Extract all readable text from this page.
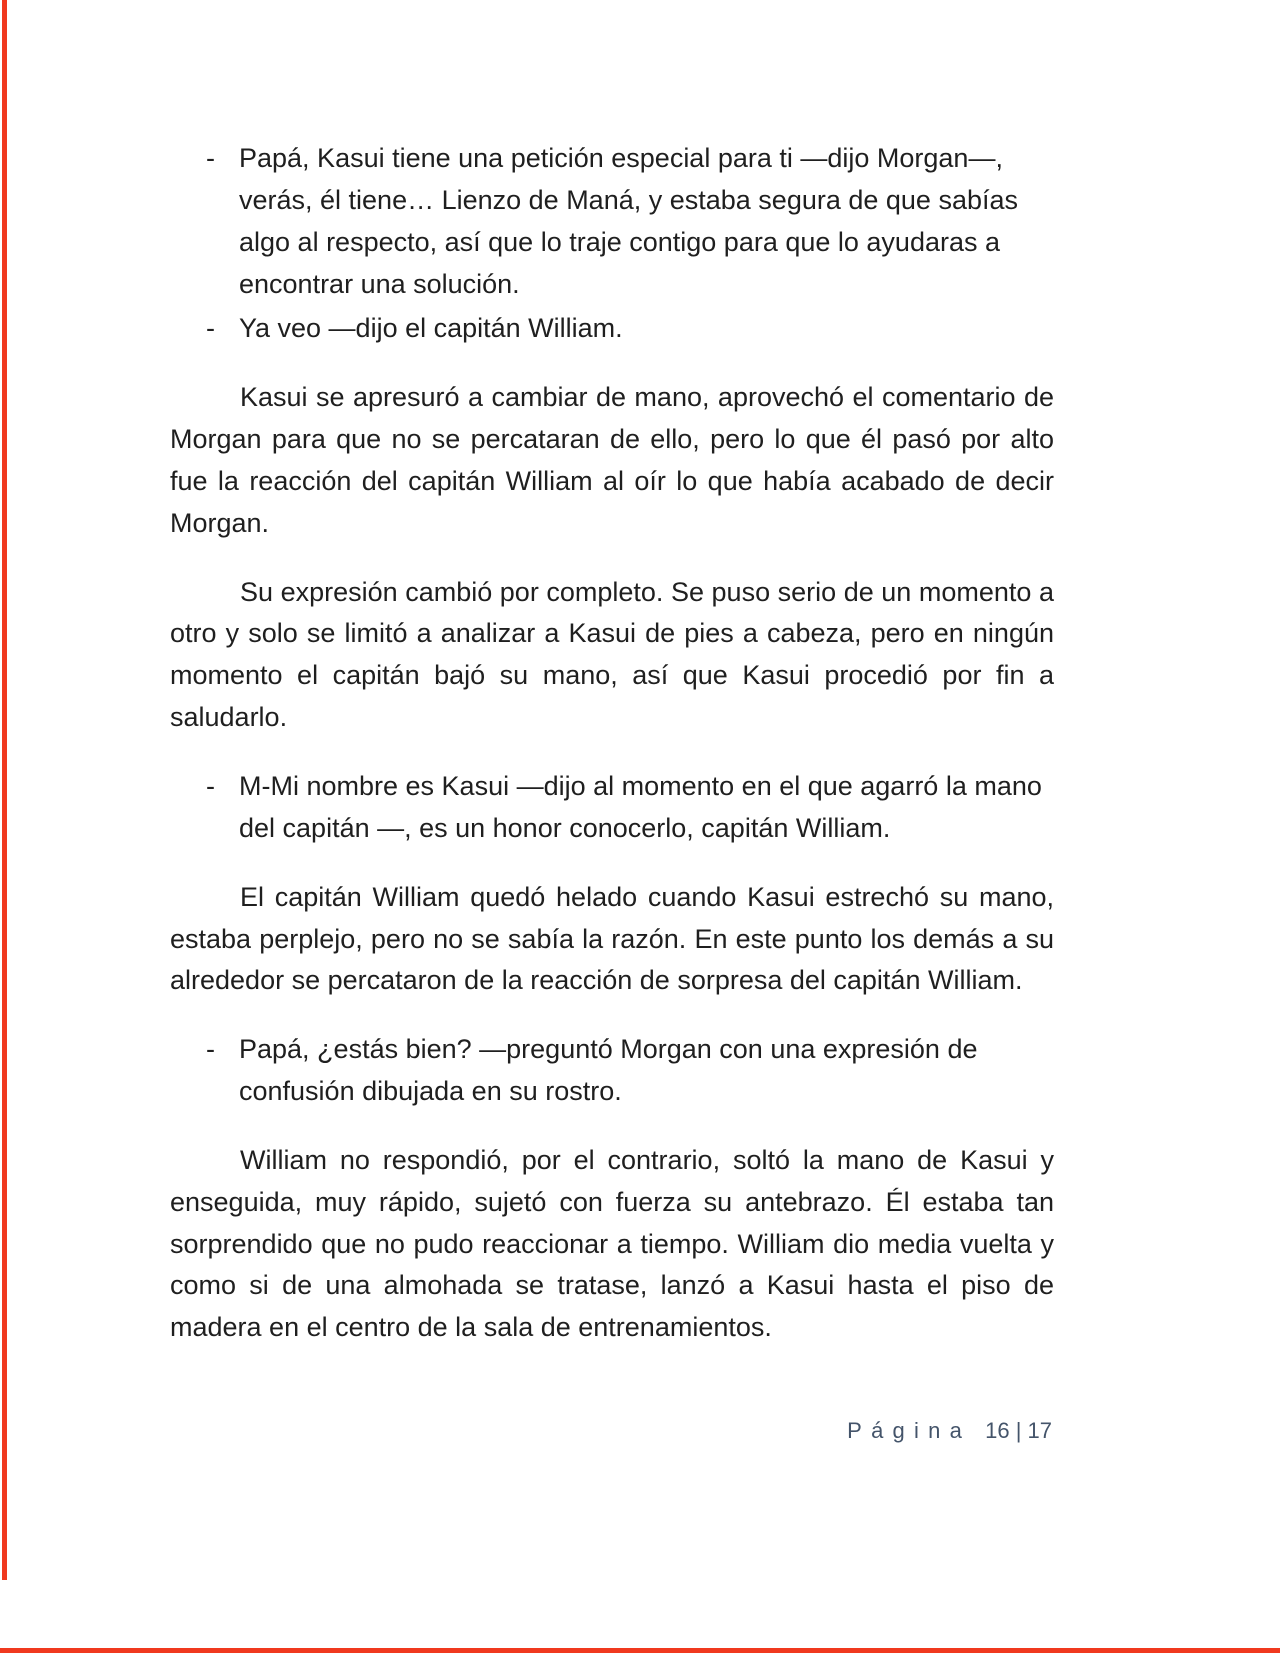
- Papá, Kasui tiene una petición especial para ti —dijo Morgan—, verás, él tiene… Lienzo de Maná, y estaba segura de que sabías algo al respecto, así que lo traje contigo para que lo ayudaras a encontrar una solución.
- Ya veo —dijo el capitán William.

Kasui se apresuró a cambiar de mano, aprovechó el comentario de Morgan para que no se percataran de ello, pero lo que él pasó por alto fue la reacción del capitán William al oír lo que había acabado de decir Morgan.

Su expresión cambió por completo. Se puso serio de un momento a otro y solo se limitó a analizar a Kasui de pies a cabeza, pero en ningún momento el capitán bajó su mano, así que Kasui procedió por fin a saludarlo.

- M-Mi nombre es Kasui —dijo al momento en el que agarró la mano del capitán —, es un honor conocerlo, capitán William.

El capitán William quedó helado cuando Kasui estrechó su mano, estaba perplejo, pero no se sabía la razón. En este punto los demás a su alrededor se percataron de la reacción de sorpresa del capitán William.

- Papá, ¿estás bien? —preguntó Morgan con una expresión de confusión dibujada en su rostro.

William no respondió, por el contrario, soltó la mano de Kasui y enseguida, muy rápido, sujetó con fuerza su antebrazo. Él estaba tan sorprendido que no pudo reaccionar a tiempo. William dio media vuelta y como si de una almohada se tratase, lanzó a Kasui hasta el piso de madera en el centro de la sala de entrenamientos.

Página 16 | 17
